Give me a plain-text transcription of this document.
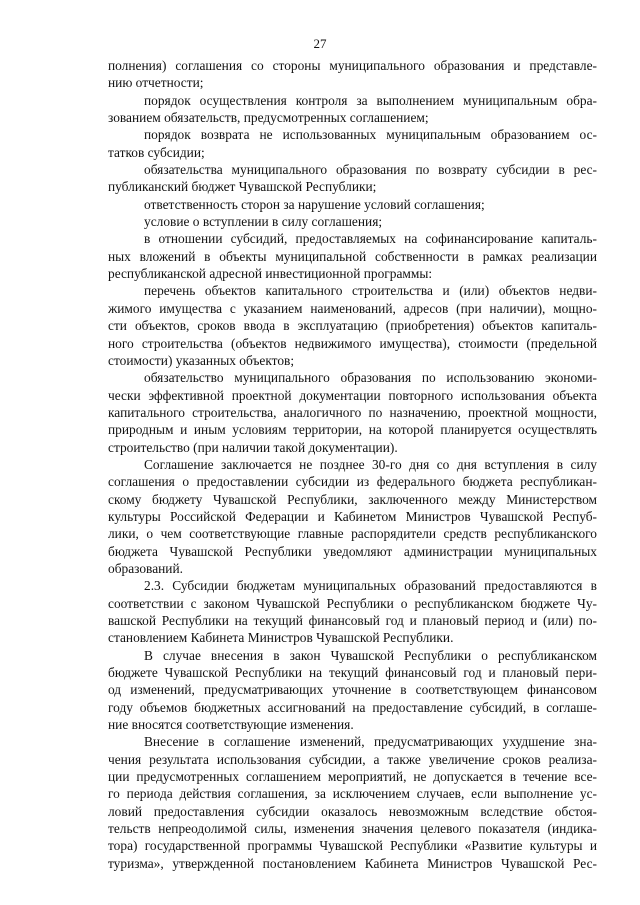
27
полнения) соглашения со стороны муниципального образования и представле-
нию отчетности;
порядок осуществления контроля за выполнением муниципальным обра-
зованием обязательств, предусмотренных соглашением;
порядок возврата не использованных муниципальным образованием ос-
татков субсидии;
обязательства муниципального образования по возврату субсидии в рес-
публиканский бюджет Чувашской Республики;
ответственность сторон за нарушение условий соглашения;
условие о вступлении в силу соглашения;
в отношении субсидий, предоставляемых на софинансирование капиталь-
ных вложений в объекты муниципальной собственности в рамках реализации
республиканской адресной инвестиционной программы:
перечень объектов капитального строительства и (или) объектов недви-
жимого имущества с указанием наименований, адресов (при наличии), мощно-
сти объектов, сроков ввода в эксплуатацию (приобретения) объектов капиталь-
ного строительства (объектов недвижимого имущества), стоимости (предельной
стоимости) указанных объектов;
обязательство муниципального образования по использованию экономи-
чески эффективной проектной документации повторного использования объекта
капитального строительства, аналогичного по назначению, проектной мощности,
природным и иным условиям территории, на которой планируется осуществлять
строительство (при наличии такой документации).
Соглашение заключается не позднее 30-го дня со дня вступления в силу
соглашения о предоставлении субсидии из федерального бюджета республикан-
скому бюджету Чувашской Республики, заключенного между Министерством
культуры Российской Федерации и Кабинетом Министров Чувашской Респуб-
лики, о чем соответствующие главные распорядители средств республиканского
бюджета Чувашской Республики уведомляют администрации муниципальных
образований.
2.3. Субсидии бюджетам муниципальных образований предоставляются в
соответствии с законом Чувашской Республики о республиканском бюджете Чу-
вашской Республики на текущий финансовый год и плановый период и (или) по-
становлением Кабинета Министров Чувашской Республики.
В случае внесения в закон Чувашской Республики о республиканском
бюджете Чувашской Республики на текущий финансовый год и плановый пери-
од изменений, предусматривающих уточнение в соответствующем финансовом
году объемов бюджетных ассигнований на предоставление субсидий, в соглаше-
ние вносятся соответствующие изменения.
Внесение в соглашение изменений, предусматривающих ухудшение зна-
чения результата использования субсидии, а также увеличение сроков реализа-
ции предусмотренных соглашением мероприятий, не допускается в течение все-
го периода действия соглашения, за исключением случаев, если выполнение ус-
ловий предоставления субсидии оказалось невозможным вследствие обстоя-
тельств непреодолимой силы, изменения значения целевого показателя (индика-
тора) государственной программы Чувашской Республики «Развитие культуры и
туризма», утвержденной постановлением Кабинета Министров Чувашской Рес-
